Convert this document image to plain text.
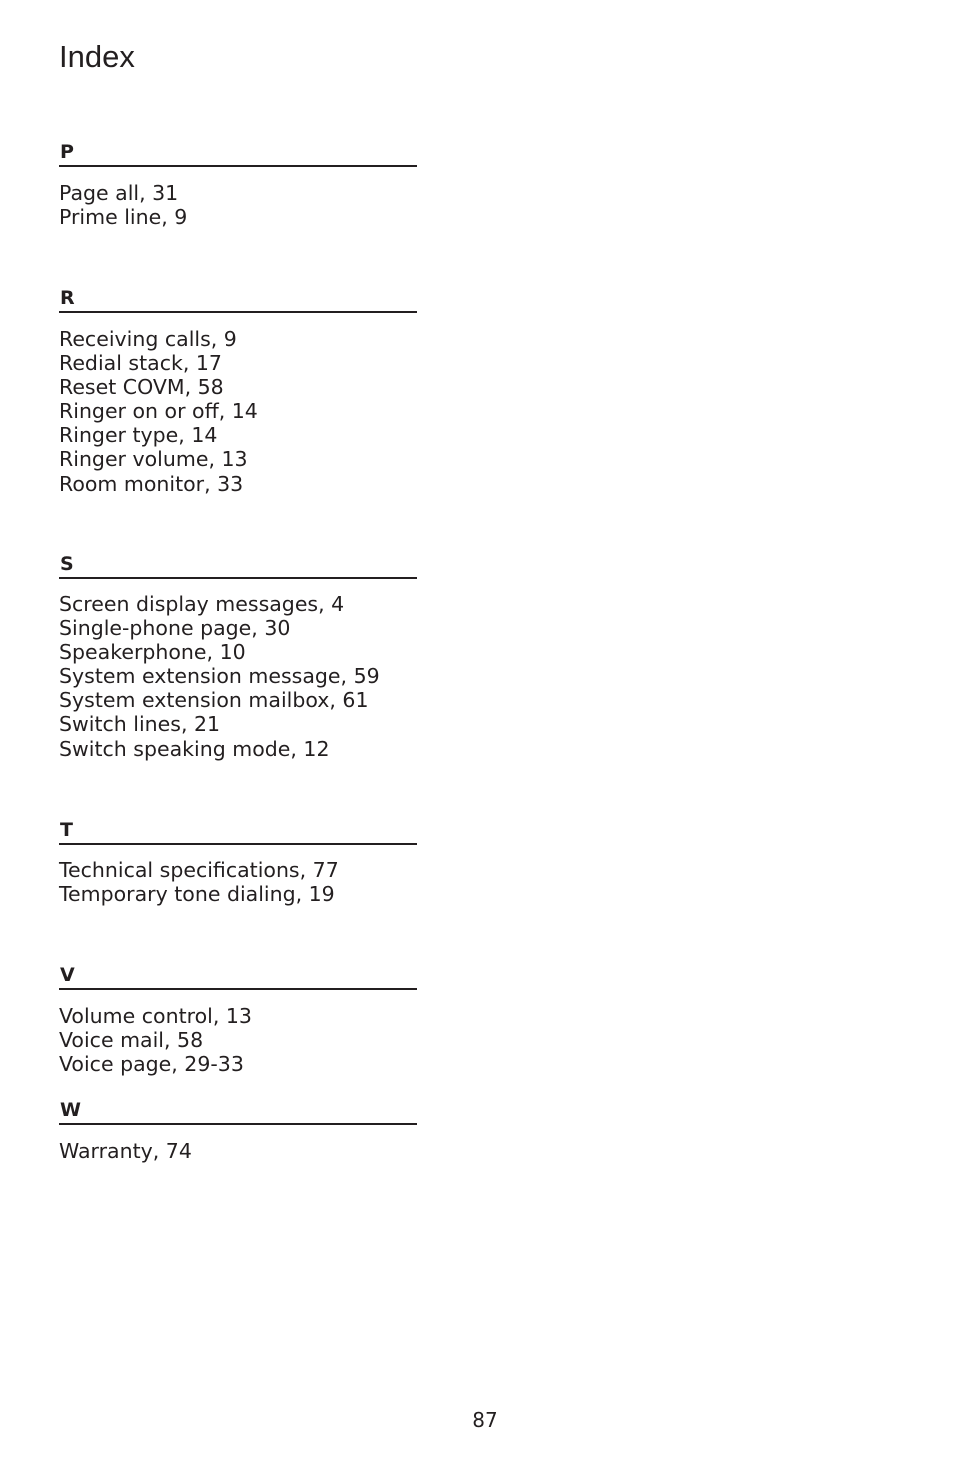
Index
P
Page all, 31
Prime line, 9
R
Receiving calls, 9
Redial stack, 17
Reset COVM, 58
Ringer on or off, 14
Ringer type, 14
Ringer volume, 13
Room monitor, 33
S
Screen display messages, 4
Single-phone page, 30
Speakerphone, 10
System extension message, 59
System extension mailbox, 61
Switch lines, 21
Switch speaking mode, 12
T
Technical specifications, 77
Temporary tone dialing, 19
V
Volume control, 13
Voice mail, 58
Voice page, 29-33
W
Warranty, 74
87
